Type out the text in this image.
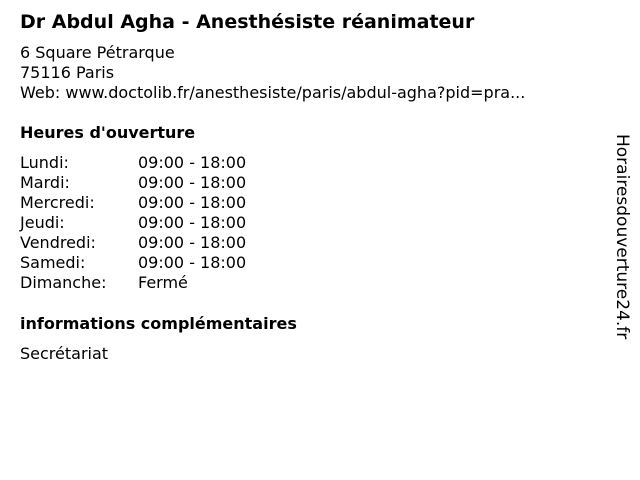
Dr Abdul Agha - Anesthésiste réanimateur
6 Square Pétrarque
75116 Paris
Web: www.doctolib.fr/anesthesiste/paris/abdul-agha?pid=pra...
Heures d'ouverture
Lundi:	09:00 - 18:00
Mardi:	09:00 - 18:00
Mercredi:	09:00 - 18:00
Jeudi:	09:00 - 18:00
Vendredi:	09:00 - 18:00
Samedi:	09:00 - 18:00
Dimanche:	Fermé
informations complémentaires
Secrétariat
Horairesdouverture24.fr
